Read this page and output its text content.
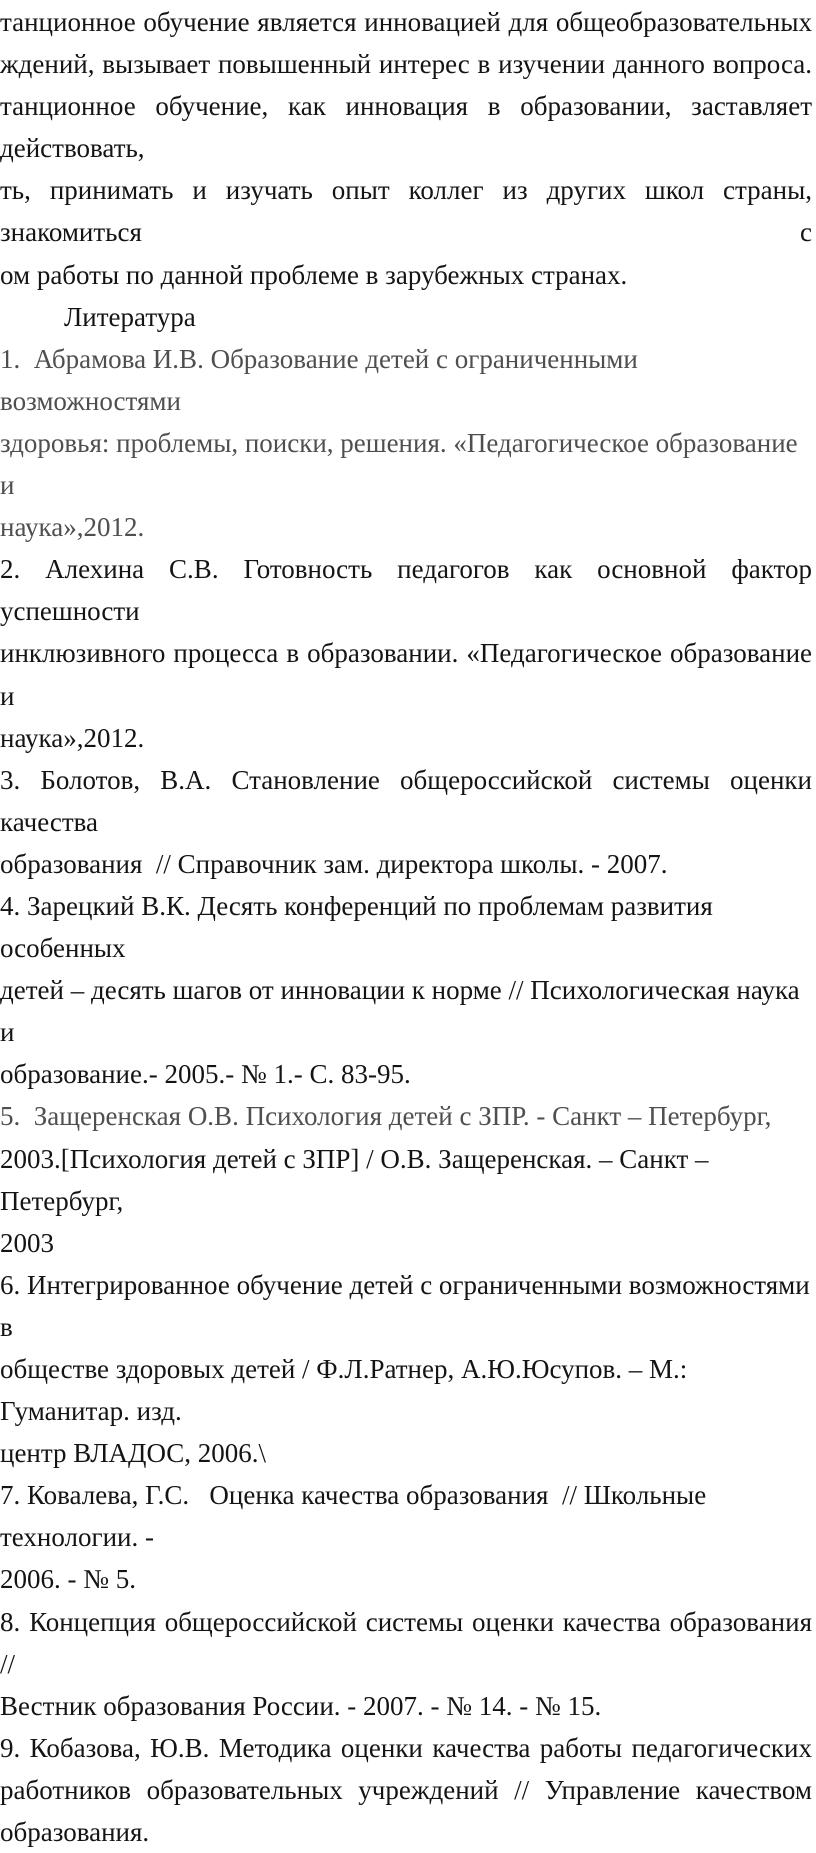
танционное обучение является инновацией для общеобразовательных
ждений, вызывает повышенный интерес в изучении данного вопроса.
танционное обучение, как инновация в образовании, заставляет действовать,
ть, принимать и изучать опыт коллег из других школ страны, знакомиться с
ом работы по данной проблеме в зарубежных странах.
Литература
1.  Абрамова И.В. Образование детей с ограниченными возможностями
здоровья: проблемы, поиски, решения. «Педагогическое образование и
наука»,2012.
2. Алехина С.В. Готовность педагогов как основной фактор успешности
инклюзивного процесса в образовании. «Педагогическое образование и
наука»,2012.
3. Болотов, В.А. Становление общероссийской системы оценки качества
образования  // Справочник зам. директора школы. - 2007.
4. Зарецкий В.К. Десять конференций по проблемам развития особенных
детей – десять шагов от инновации к норме // Психологическая наука и
образование.- 2005.- № 1.- С. 83-95.
5.  Защеренская О.В. Психология детей с ЗПР. - Санкт – Петербург,
2003.[Психология детей с ЗПР] / О.В. Защеренская. – Санкт – Петербург,
2003
6. Интегрированное обучение детей с ограниченными возможностями в
обществе здоровых детей / Ф.Л.Ратнер, А.Ю.Юсупов. – М.: Гуманитар. изд.
центр ВЛАДОС, 2006.\
7. Ковалева, Г.С.   Оценка качества образования  // Школьные технологии. -
2006. - № 5.
8. Концепция общероссийской системы оценки качества образования //
Вестник образования России. - 2007. - № 14. - № 15.
9. Кобазова, Ю.В. Методика оценки качества работы педагогических
работников образовательных учреждений // Управление качеством
образования.
